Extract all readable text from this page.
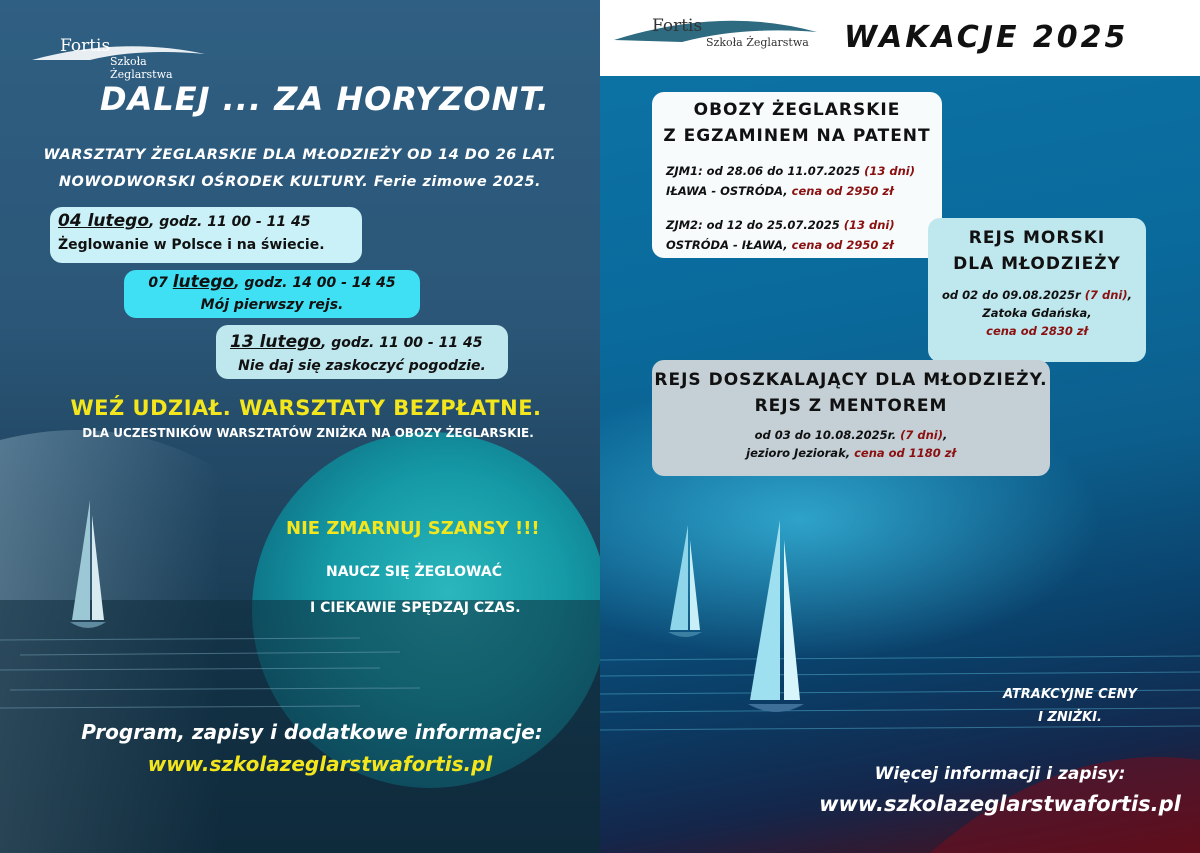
Fortis
Szkoła Żeglarstwa
DALEJ ... ZA HORYZONT.
WARSZTATY ŻEGLARSKIE DLA MŁODZIEŻY OD 14 DO 26 LAT.
NOWODWORSKI OŚRODEK KULTURY. Ferie zimowe 2025.
04 lutego, godz. 11 00 - 11 45
Żeglowanie w Polsce i na świecie.
07 lutego, godz. 14 00 - 14 45
Mój pierwszy rejs.
13 lutego, godz. 11 00 - 11 45
Nie daj się zaskoczyć pogodzie.
WEŹ UDZIAŁ. WARSZTATY BEZPŁATNE.
DLA UCZESTNIKÓW WARSZTATÓW ZNIŻKA NA OBOZY ŻEGLARSKIE.
NIE ZMARNUJ SZANSY !!!
NAUCZ SIĘ ŻEGLOWAĆ
I CIEKAWIE SPĘDZAJ CZAS.
Program, zapisy i dodatkowe informacje:
www.szkolazeglarstwafortis.pl
Fortis
Szkoła Żeglarstwa WAKACJE 2025
OBOZY ŻEGLARSKIE
Z EGZAMINEM NA PATENT
ZJM1: od 28.06 do 11.07.2025 (13 dni)
IŁAWA - OSTRÓDA, cena od 2950 zł
ZJM2: od 12 do 25.07.2025 (13 dni)
OSTRÓDA - IŁAWA, cena od 2950 zł	REJS MORSKI
DLA MŁODZIEŻY
od 02 do 09.08.2025r (7 dni),
Zatoka Gdańska,
cena od 2830 zł
REJS DOSZKALAJĄCY DLA MŁODZIEŻY.
REJS Z MENTOREM
od 03 do 10.08.2025r. (7 dni),
jezioro Jeziorak, cena od 1180 zł
ATRAKCYJNE CENY
I ZNIŻKI.
Więcej informacji i zapisy:
www.szkolazeglarstwafortis.pl
